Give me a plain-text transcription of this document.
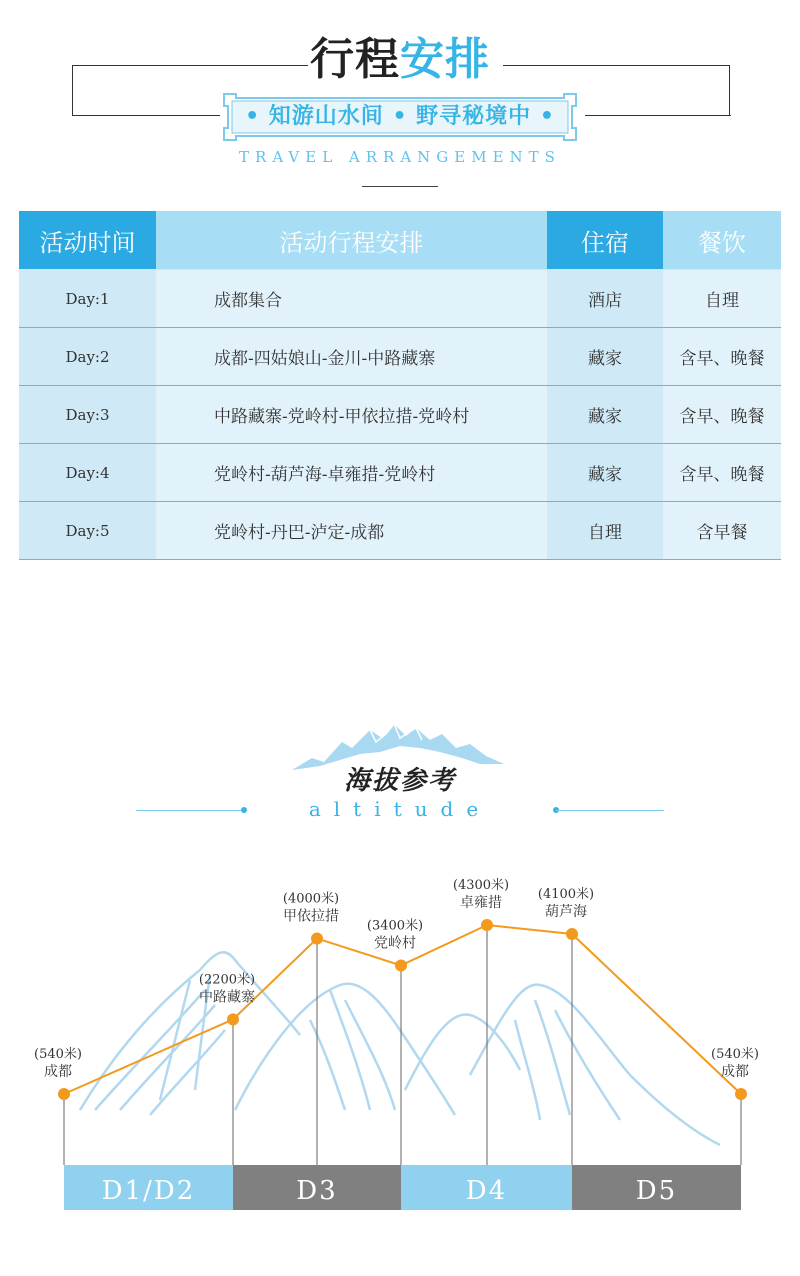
行程安排
• 知游山水间 • 野寻秘境中 •
TRAVEL ARRANGEMENTS
活动时间	活动行程安排	住宿	餐饮
Day:1	成都集合	酒店	自理
Day:2	成都-四姑娘山-金川-中路藏寨	藏家	含早、晚餐
Day:3	中路藏寨-党岭村-甲依拉措-党岭村	藏家	含早、晚餐
Day:4	党岭村-葫芦海-卓雍措-党岭村	藏家	含早、晚餐
Day:5	党岭村-丹巴-泸定-成都	自理	含早餐
海拔参考
altitude
D1/D2	D3	D4	D5
(540米)
成都
(2200米)
中路藏寨
(4000米)
甲依拉措
(3400米)
党岭村
(4300米)
卓雍措
(4100米)
葫芦海
(540米)
成都
